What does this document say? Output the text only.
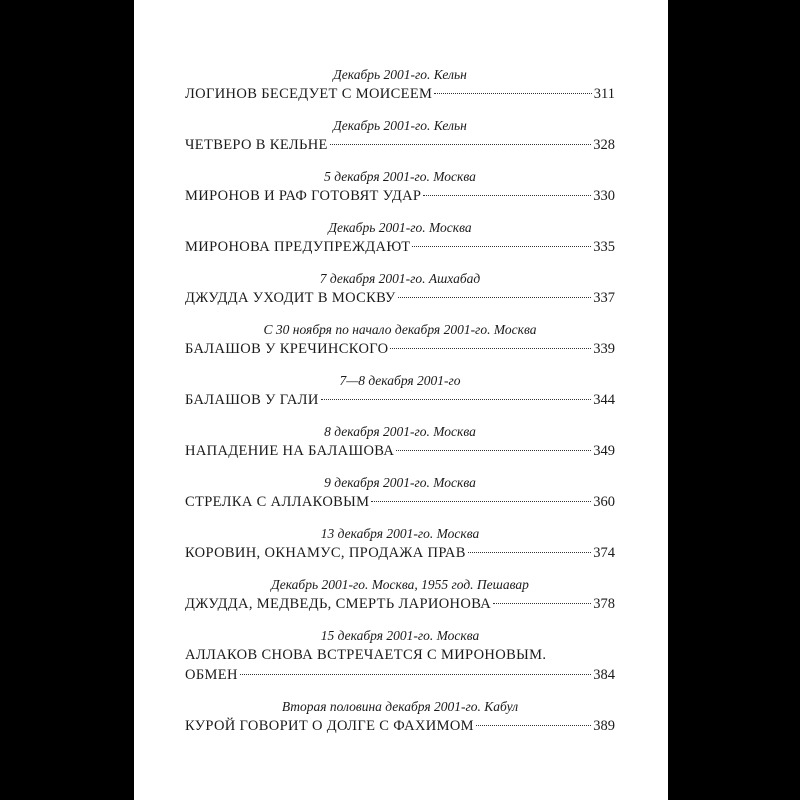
Декабрь 2001-го. Кельн
ЛОГИНОВ БЕСЕДУЕТ С МОИСЕЕМ	311
Декабрь 2001-го. Кельн
ЧЕТВЕРО В КЕЛЬНЕ	328
5 декабря 2001-го. Москва
МИРОНОВ И РАФ ГОТОВЯТ УДАР	330
Декабрь 2001-го. Москва
МИРОНОВА ПРЕДУПРЕЖДАЮТ	335
7 декабря 2001-го. Ашхабад
ДЖУДДА УХОДИТ В МОСКВУ	337
С 30 ноября по начало декабря 2001-го. Москва
БАЛАШОВ У КРЕЧИНСКОГО	339
7—8 декабря 2001-го
БАЛАШОВ У ГАЛИ	344
8 декабря 2001-го. Москва
НАПАДЕНИЕ НА БАЛАШОВА	349
9 декабря 2001-го. Москва
СТРЕЛКА С АЛЛАКОВЫМ	360
13 декабря 2001-го. Москва
КОРОВИН, ОКНАМУС, ПРОДАЖА ПРАВ	374
Декабрь 2001-го. Москва, 1955 год. Пешавар
ДЖУДДА, МЕДВЕДЬ, СМЕРТЬ ЛАРИОНОВА	378
15 декабря 2001-го. Москва
АЛЛАКОВ СНОВА ВСТРЕЧАЕТСЯ С МИРОНОВЫМ.
ОБМЕН	384
Вторая половина декабря 2001-го. Кабул
КУРОЙ ГОВОРИТ О ДОЛГЕ С ФАХИМОМ	389
